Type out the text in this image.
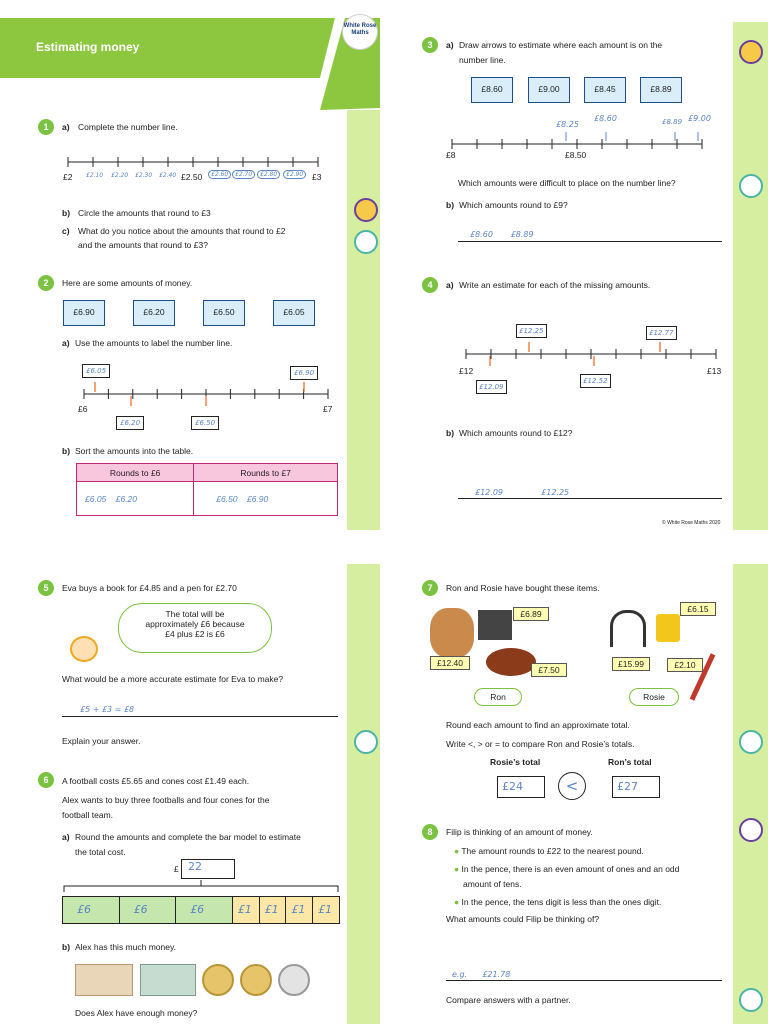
Estimating money
White Rose Maths
1	a) Complete the number line.
£2	£2.50	£3
£2.10 £2.20 £2.30 £2.40	£2.60	£2.70	£2.80	£2.90
b) Circle the amounts that round to £3
c) What do you notice about the amounts that round to £2
and the amounts that round to £3?
2	Here are some amounts of money.
£6.90	£6.20	£6.50	£6.05
a) Use the amounts to label the number line.
£6.05
£6.20	£6.50
£6.90
£6	£7
b) Sort the amounts into the table.
Rounds to £6	Rounds to £7
£6.05    £6.20	£6.50    £6.90
3	a) Draw arrows to estimate where each amount is on the
number line.
£8.60	£9.00	£8.45	£8.89
£8.25
£8.60	£8.89 £9.00
£8	£8.50
Which amounts were difficult to place on the number line?
b) Which amounts round to £9?
£8.60       £8.89
4	a) Write an estimate for each of the missing amounts.
£12.25	£12.77
£12.09
£12.52
£12	£13
b) Which amounts round to £12?
£12.09               £12.25
© White Rose Maths 2020
5	Eva buys a book for £4.85 and a pen for £2.70
The total will be
approximately £6 because
£4 plus £2 is £6
What would be a more accurate estimate for Eva to make?
£5 + £3 = £8
Explain your answer.
6	A football costs £5.65 and cones cost £1.49 each.
Alex wants to buy three footballs and four cones for the
football team.
a) Round the amounts and complete the bar model to estimate
the total cost.
£ 22
£6	£6	£6	£1	£1	£1	£1
b) Alex has this much money.
Does Alex have enough money?
7	Ron and Rosie have bought these items.
£6.89
£12.40
£7.50
£6.15
£15.99	£2.10
Ron	Rosie
Round each amount to find an approximate total.
Write <, > or = to compare Ron and Rosie’s totals.
Rosie’s total	Ron’s total
£24	<	£27
8	Filip is thinking of an amount of money.
● The amount rounds to £22 to the nearest pound.
● In the pence, there is an even amount of ones and an odd
amount of tens.
● In the pence, the tens digit is less than the ones digit.
What amounts could Filip be thinking of?
e.g.      £21.78
Compare answers with a partner.
